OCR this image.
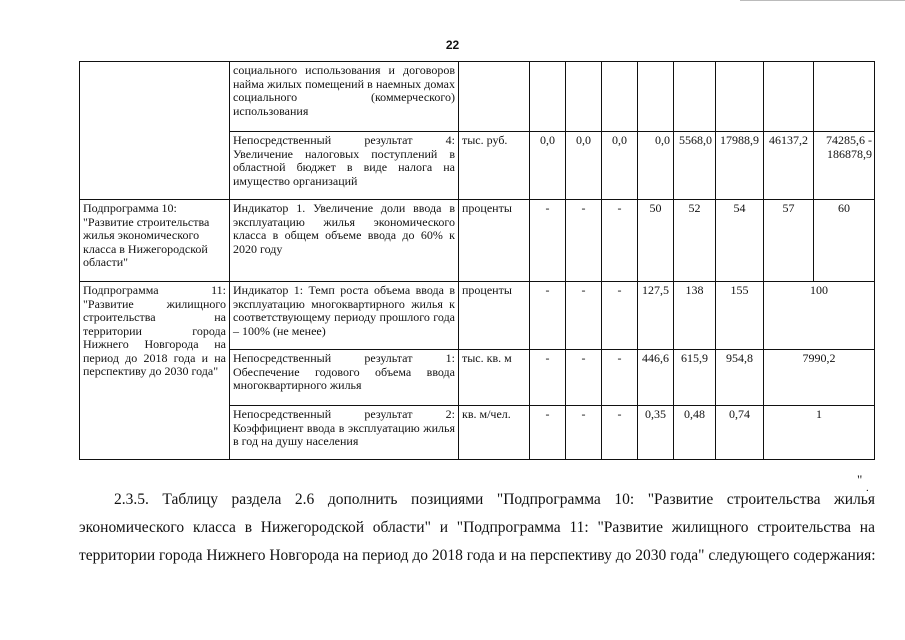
22
	социального использования и договоров найма жилых помещений в наемных домах социального (коммерческого) использования									
	Непосредственный результат 4: Увеличение налоговых поступлений в областной бюджет в виде налога на имущество организаций	тыс. руб.	0,0	0,0	0,0	0,0	5568,0	17988,9	46137,2	74285,6 - 186878,9
Подпрограмма 10: "Развитие строительства жилья экономического класса в Нижегородской области"	Индикатор 1. Увеличение доли ввода в эксплуатацию жилья экономического класса в общем объеме ввода до 60% к 2020 году	проценты	-	-	-	50	52	54	57	60
Подпрограмма 11: "Развитие жилищного строительства на территории города Нижнего Новгорода на период до 2018 года и на перспективу до 2030 года"	Индикатор 1: Темп роста объема ввода в эксплуатацию многоквартирного жилья к соответствующему периоду прошлого года – 100% (не менее)	проценты	-	-	-	127,5	138	155	100	
	Непосредственный результат 1: Обеспечение годового объема ввода многоквартирного жилья	тыс. кв. м	-	-	-	446,6	615,9	954,8	7990,2	
	Непосредственный результат 2: Коэффициент ввода в эксплуатацию жилья в год на душу населения	кв. м/чел.	-	-	-	0,35	0,48	0,74	1	
"
.
2.3.5. Таблицу раздела 2.6 дополнить позициями "Подпрограмма 10: "Развитие строительства жилья
экономического класса в Нижегородской области" и "Подпрограмма 11: "Развитие жилищного строительства на
территории города Нижнего Новгорода на период до 2018 года и на перспективу до 2030 года" следующего содержания:
